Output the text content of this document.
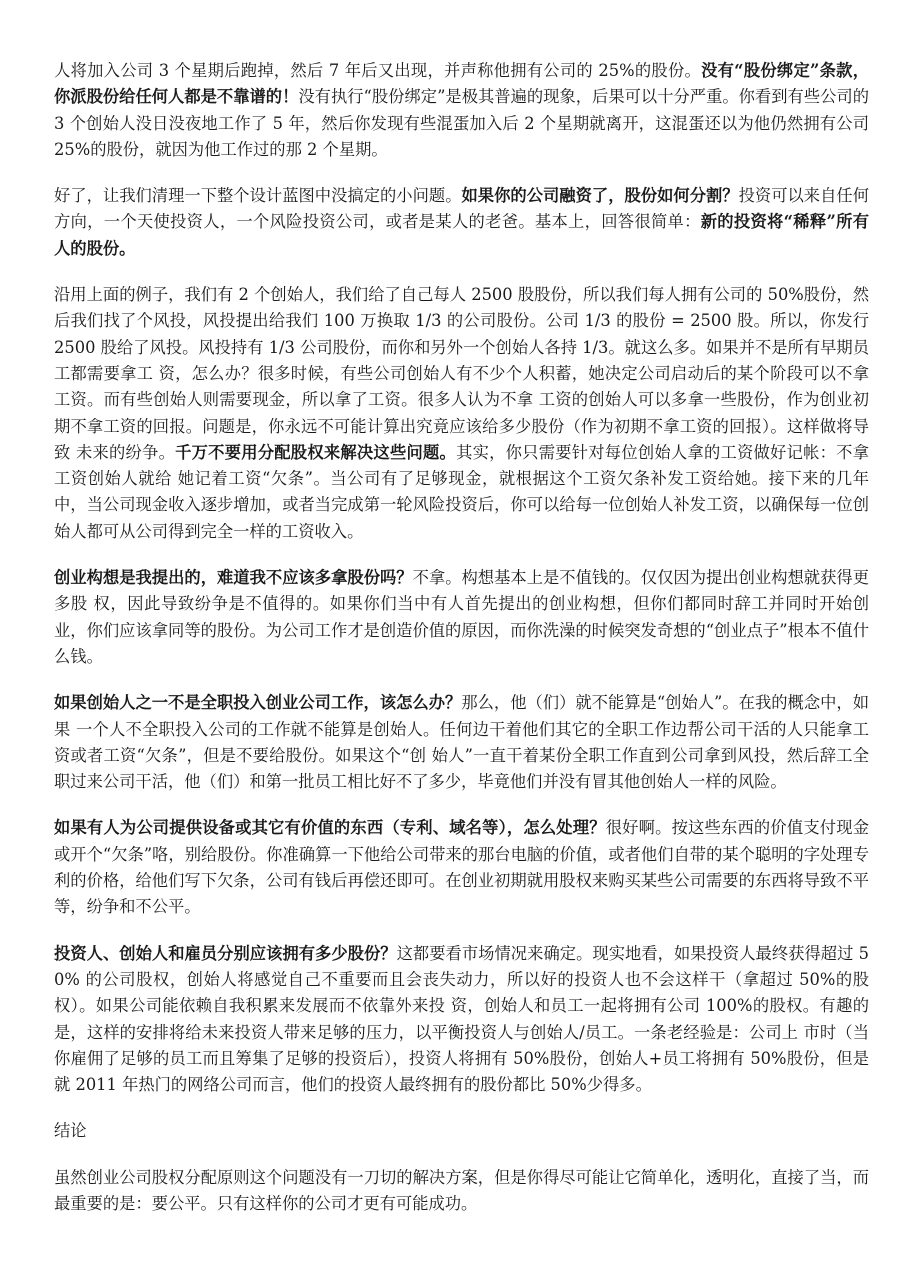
人将加入公司 3 个星期后跑掉，然后 7 年后又出现，并声称他拥有公司的 25%的股份。没有“股份绑定”条款，你派股份给任何人都是不靠谱的！没有执行“股份绑定”是极其普遍的现象，后果可以十分严重。你看到有些公司的 3 个创始人没日没夜地工作了 5 年，然后你发现有些混蛋加入后 2 个星期就离开，这混蛋还以为他仍然拥有公司 25%的股份，就因为他工作过的那 2 个星期。
好了，让我们清理一下整个设计蓝图中没搞定的小问题。如果你的公司融资了，股份如何分割？投资可以来自任何方向，一个天使投资人，一个风险投资公司，或者是某人的老爸。基本上，回答很简单：新的投资将“稀释”所有人的股份。
沿用上面的例子，我们有 2 个创始人，我们给了自己每人 2500 股股份，所以我们每人拥有公司的 50%股份，然后我们找了个风投，风投提出给我们 100 万换取 1/3 的公司股份。公司 1/3 的股份 = 2500 股。所以，你发行 2500 股给了风投。风投持有 1/3 公司股份，而你和另外一个创始人各持 1/3。就这么多。如果并不是所有早期员工都需要拿工 资，怎么办？很多时候，有些公司创始人有不少个人积蓄，她决定公司启动后的某个阶段可以不拿工资。而有些创始人则需要现金，所以拿了工资。很多人认为不拿 工资的创始人可以多拿一些股份，作为创业初期不拿工资的回报。问题是，你永远不可能计算出究竟应该给多少股份（作为初期不拿工资的回报）。这样做将导致 未来的纷争。千万不要用分配股权来解决这些问题。其实，你只需要针对每位创始人拿的工资做好记帐：不拿工资创始人就给 她记着工资“欠条”。当公司有了足够现金，就根据这个工资欠条补发工资给她。接下来的几年中，当公司现金收入逐步增加，或者当完成第一轮风险投资后，你可以给每一位创始人补发工资，以确保每一位创始人都可从公司得到完全一样的工资收入。
创业构想是我提出的，难道我不应该多拿股份吗？不拿。构想基本上是不值钱的。仅仅因为提出创业构想就获得更多股 权，因此导致纷争是不值得的。如果你们当中有人首先提出的创业构想，但你们都同时辞工并同时开始创业，你们应该拿同等的股份。为公司工作才是创造价值的原因，而你洗澡的时候突发奇想的“创业点子”根本不值什么钱。
如果创始人之一不是全职投入创业公司工作，该怎么办？那么，他（们）就不能算是“创始人”。在我的概念中，如果 一个人不全职投入公司的工作就不能算是创始人。任何边干着他们其它的全职工作边帮公司干活的人只能拿工资或者工资“欠条”，但是不要给股份。如果这个“创 始人”一直干着某份全职工作直到公司拿到风投，然后辞工全职过来公司干活，他（们）和第一批员工相比好不了多少，毕竟他们并没有冒其他创始人一样的风险。
如果有人为公司提供设备或其它有价值的东西（专利、域名等），怎么处理？很好啊。按这些东西的价值支付现金或开个“欠条”咯，别给股份。你准确算一下他给公司带来的那台电脑的价值，或者他们自带的某个聪明的字处理专利的价格，给他们写下欠条，公司有钱后再偿还即可。在创业初期就用股权来购买某些公司需要的东西将导致不平等，纷争和不公平。
投资人、创始人和雇员分别应该拥有多少股份？这都要看市场情况来确定。现实地看，如果投资人最终获得超过 50% 的公司股权，创始人将感觉自己不重要而且会丧失动力，所以好的投资人也不会这样干（拿超过 50%的股权）。如果公司能依赖自我积累来发展而不依靠外来投 资，创始人和员工一起将拥有公司 100%的股权。有趣的是，这样的安排将给未来投资人带来足够的压力，以平衡投资人与创始人/员工。一条老经验是：公司上 市时（当你雇佣了足够的员工而且筹集了足够的投资后），投资人将拥有 50%股份，创始人+员工将拥有 50%股份，但是就 2011 年热门的网络公司而言，他们的投资人最终拥有的股份都比 50%少得多。
结论
虽然创业公司股权分配原则这个问题没有一刀切的解决方案，但是你得尽可能让它简单化，透明化，直接了当，而最重要的是：要公平。只有这样你的公司才更有可能成功。
